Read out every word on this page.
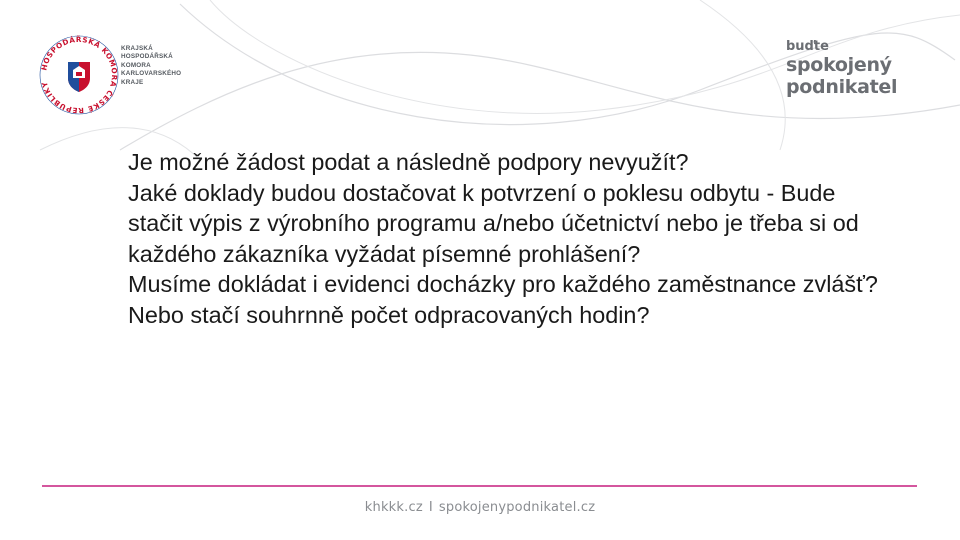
HOSPODÁŘSKÁ KOMORA ČESKÉ REPUBLIKY
KRAJSKÁ
HOSPODÁŘSKÁ
KOMORA
KARLOVARSKÉHO
KRAJE
buďte
spokojený
podnikatel

Je možné žádost podat a následně podpory nevyužít?

Jaké doklady budou dostačovat k potvrzení o poklesu odbytu - Bude stačit výpis z výrobního programu a/nebo účetnictví nebo je třeba si od každého zákazníka vyžádat písemné prohlášení?

Musíme dokládat i evidenci docházky pro každého zaměstnance zvlášť?

Nebo stačí souhrnně počet odpracovaných hodin?

khkkk.cz I spokojenypodnikatel.cz
